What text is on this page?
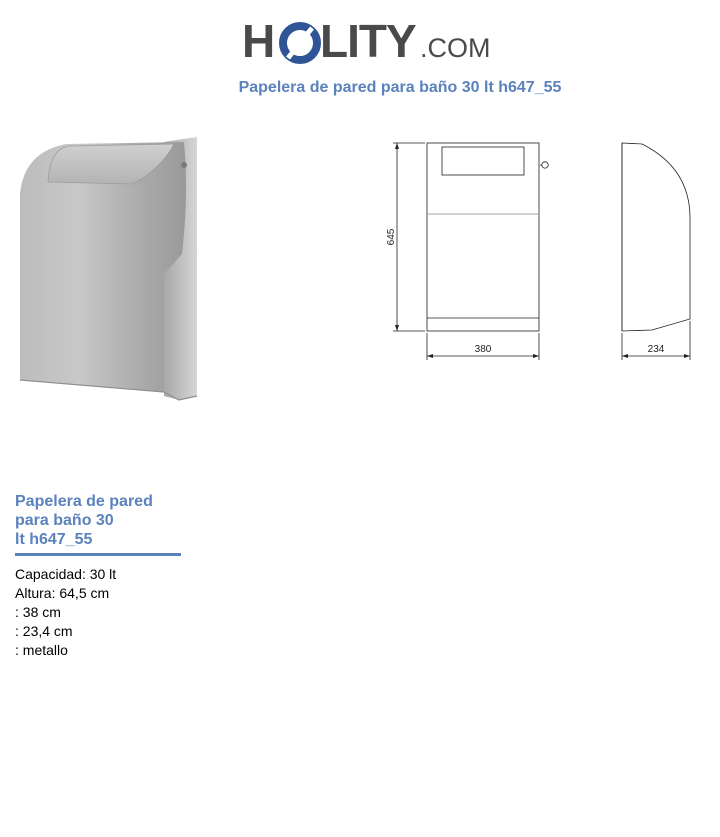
H LITY .COM
Papelera de pared para baño 30 lt h647_55
645
380	234
Papelera de pared
para baño 30
lt h647_55
Capacidad: 30 lt
Altura: 64,5 cm
: 38 cm
: 23,4 cm
: metallo
